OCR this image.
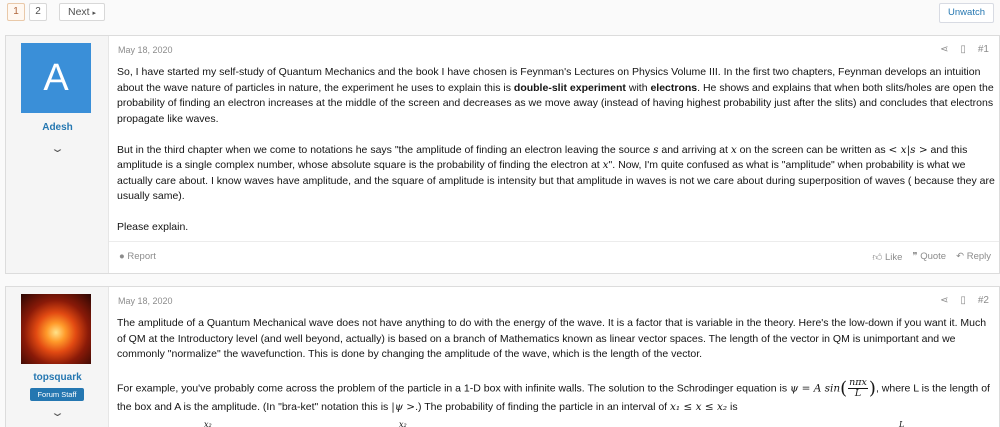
1	2	Next ▸	Unwatch
A
Adesh
⌄
May 18, 2020	⋖ ▯ #1

So, I have started my self-study of Quantum Mechanics and the book I have chosen is Feynman's Lectures on Physics Volume III. In the first two chapters, Feynman develops an intuition about the wave nature of particles in nature, the experiment he uses to explain this is double-slit experiment with electrons. He shows and explains that when both slits/holes are open the probability of finding an electron increases at the middle of the screen and decreases as we move away (instead of having highest probability just after the slits) and concludes that electrons propagate like waves.

But in the third chapter when we come to notations he says "the amplitude of finding an electron leaving the source s and arriving at x on the screen can be written as < x|s > and this amplitude is a single complex number, whose absolute square is the probability of finding the electron at x". Now, I'm quite confused as what is "amplitude" when probability is what we actually care about. I know waves have amplitude, and the square of amplitude is intensity but that amplitude in waves is not we care about during superposition of waves ( because they are usually same).

Please explain.

● Report	👍︎ Like ❞ Quote ↶ Reply
topsquark
Forum Staff
⌄
May 18, 2020	⋖ ▯ #2

The amplitude of a Quantum Mechanical wave does not have anything to do with the energy of the wave. It is a factor that is variable in the theory. Here's the low-down if you want it. Much of QM at the Introductory level (and well beyond, actually) is based on a branch of Mathematics known as linear vector spaces. The length of the vector in QM is unimportant and we commonly "normalize" the wavefunction. This is done by changing the amplitude of the wave, which is the length of the vector.

For example, you've probably come across the problem of the particle in a 1-D box with infinite walls. The solution to the Schrodinger equation is ψ = A $\sin( \frac{\text{nπx}}{L}$ ), where L is the length of the box and A is the amplitude. (In "bra-ket" notation this is |ψ >.) The probability of finding the particle in an interval of x₁ ≤ x ≤ x₂ is

x₂	x₂	L
